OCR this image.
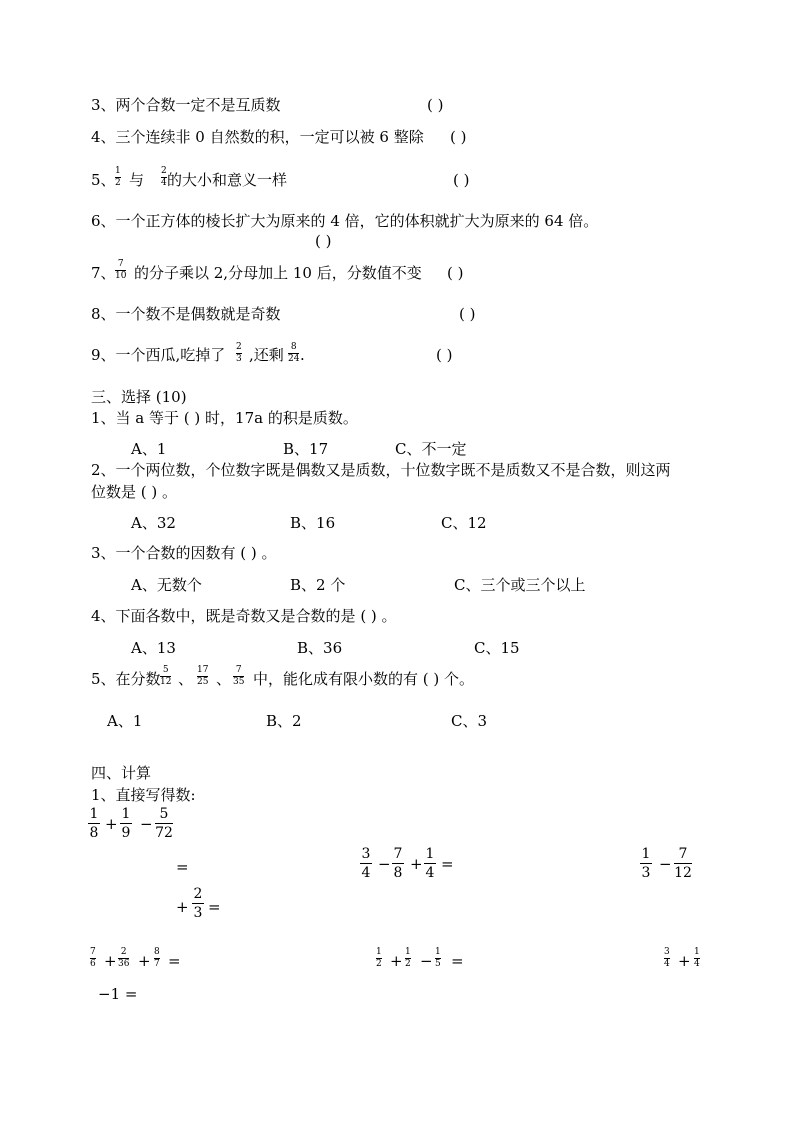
3、两个合数一定不是互质数	( )
4、三个连续非 0 自然数的积，一定可以被 6 整除 ( )
5、 1
2 与 2
4 的大小和意义一样	( )
6、一个正方体的棱长扩大为原来的 4 倍，它的体积就扩大为原来的 64 倍。
( )
7、 7
10 的分子乘以 2,分母加上 10 后，分数值不变 ( )
8、一个数不是偶数就是奇数	( )
9、一个西瓜,吃掉了 2
3 ,还剩 8
24 .	( )
三、选择 (10)
1、当 a 等于 ( ) 时，17a 的积是质数。
A、1	B、17	C、不一定
2、一个两位数，个位数字既是偶数又是质数，十位数字既不是质数又不是合数，则这两
位数是 ( ) 。
A、32	B、16	C、12
3、一个合数的因数有 ( ) 。
A、无数个	B、2 个	C、三个或三个以上
4、下面各数中，既是奇数又是合数的是 ( ) 。
A、13	B、36	C、15
5、在分数 5
12 、 17
25 、 7
35 中，能化成有限小数的有 ( ) 个。
A、1	B、2	C、3
四、计算
1、直接写得数:
1
8 +
1
9 −
5
72
=
+
2
3 =
3
4 −
7
8 +
1
4 =
1
3 −
7
12
7
6 + 2
36 + 8
7 =	1
2 + 1
2 − 1
5 =	3
4 + 1
4
−1 =
